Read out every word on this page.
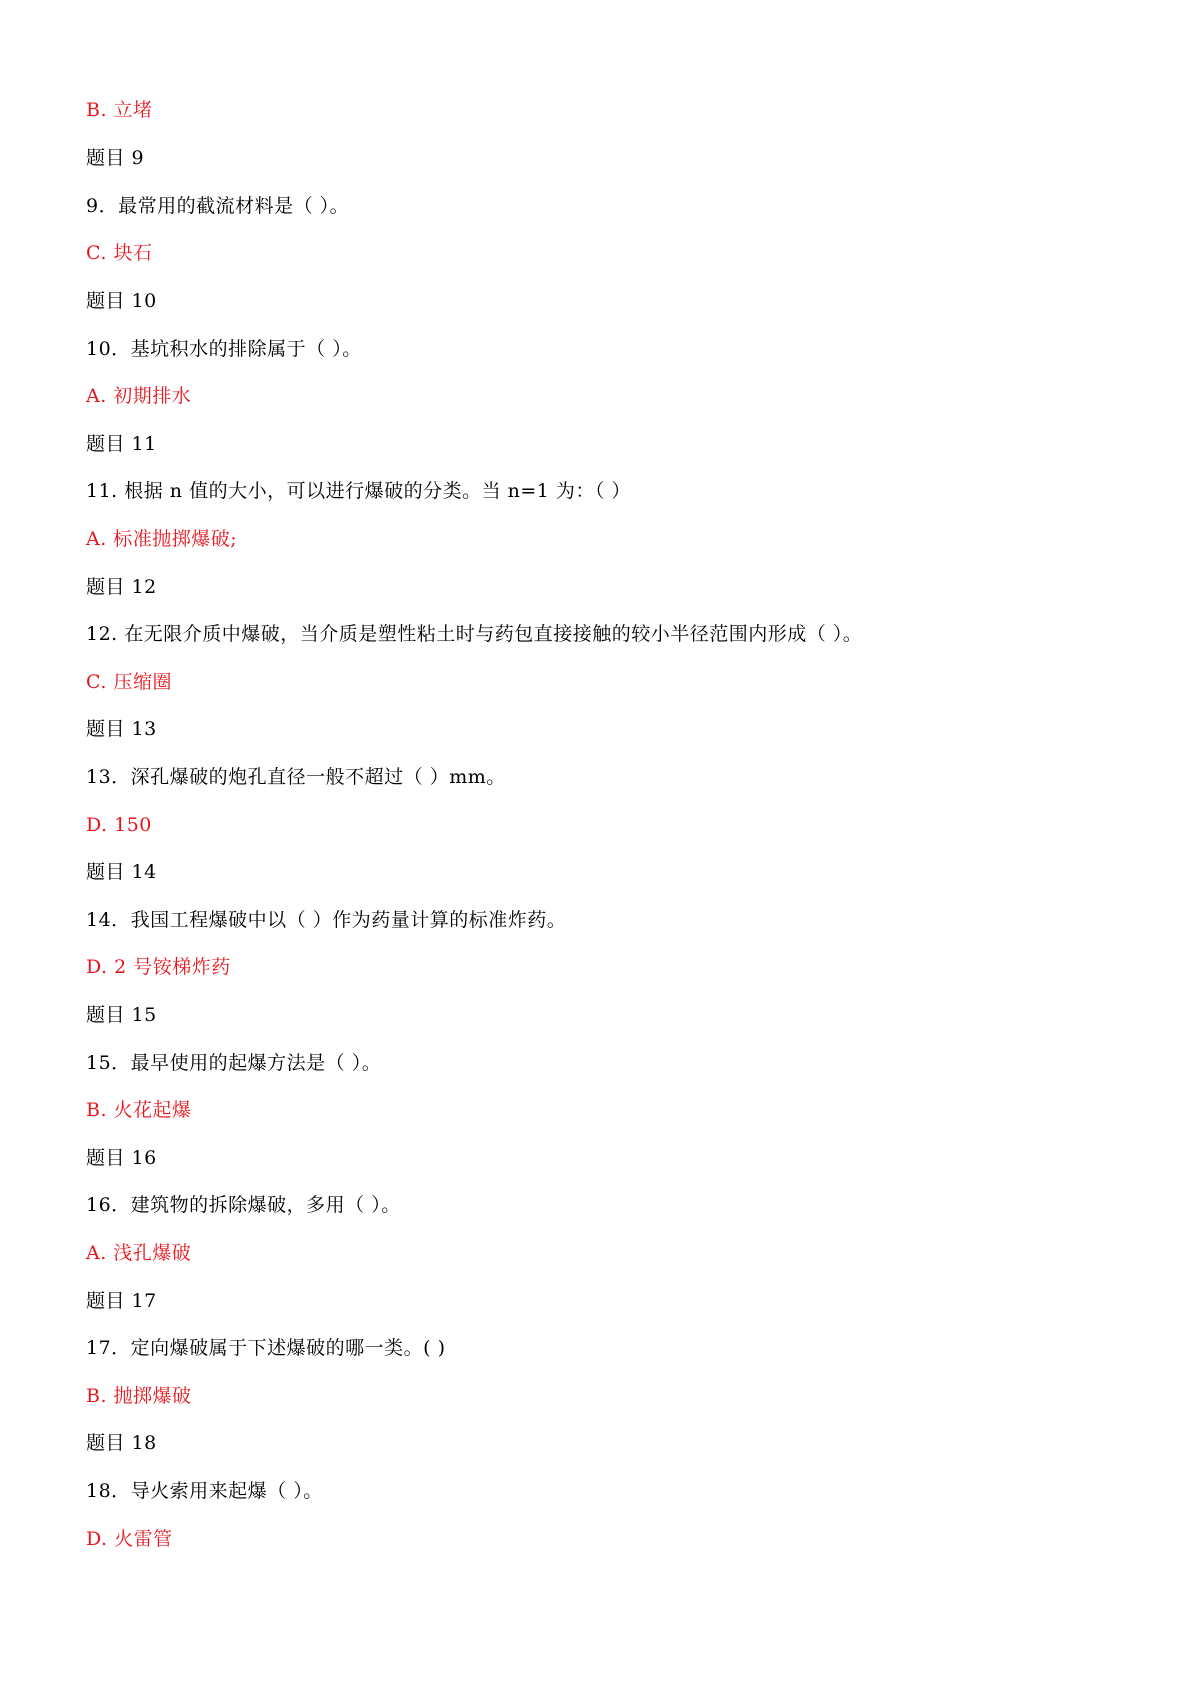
B. 立堵
题目 9
9．最常用的截流材料是（ ）。
C. 块石
题目 10
10．基坑积水的排除属于（ ）。
A. 初期排水
题目 11
11. 根据 n 值的大小，可以进行爆破的分类。当 n=1 为：（ ）
A. 标准抛掷爆破;
题目 12
12. 在无限介质中爆破，当介质是塑性粘土时与药包直接接触的较小半径范围内形成（ ）。
C. 压缩圈
题目 13
13．深孔爆破的炮孔直径一般不超过（ ）mm。
D. 150
题目 14
14．我国工程爆破中以（ ）作为药量计算的标准炸药。
D. 2 号铵梯炸药
题目 15
15．最早使用的起爆方法是（ ）。
B. 火花起爆
题目 16
16．建筑物的拆除爆破，多用（ ）。
A. 浅孔爆破
题目 17
17．定向爆破属于下述爆破的哪一类。( )
B. 抛掷爆破
题目 18
18．导火索用来起爆（ ）。
D. 火雷管
